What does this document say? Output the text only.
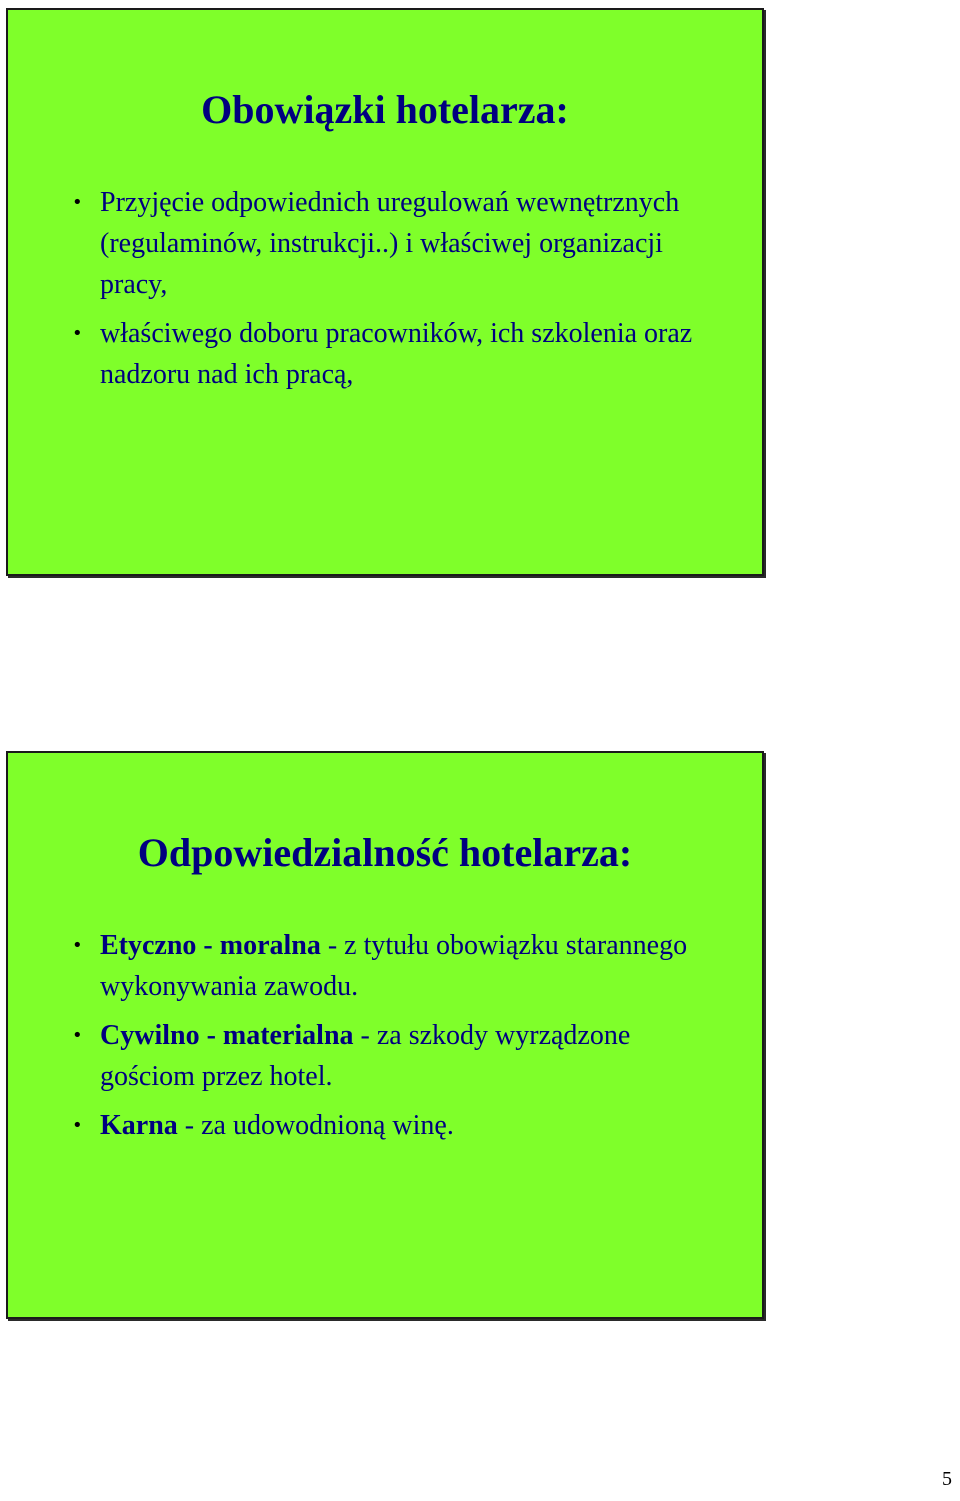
Obowiązki hotelarza:
• Przyjęcie odpowiednich uregulowań wewnętrznych (regulaminów, instrukcji..) i właściwej organizacji pracy,
• właściwego doboru pracowników, ich szkolenia oraz nadzoru nad ich pracą,
Odpowiedzialność hotelarza:
• Etyczno - moralna - z tytułu obowiązku starannego wykonywania zawodu.
• Cywilno - materialna - za szkody wyrządzone gościom przez hotel.
• Karna - za udowodnioną winę.
5
